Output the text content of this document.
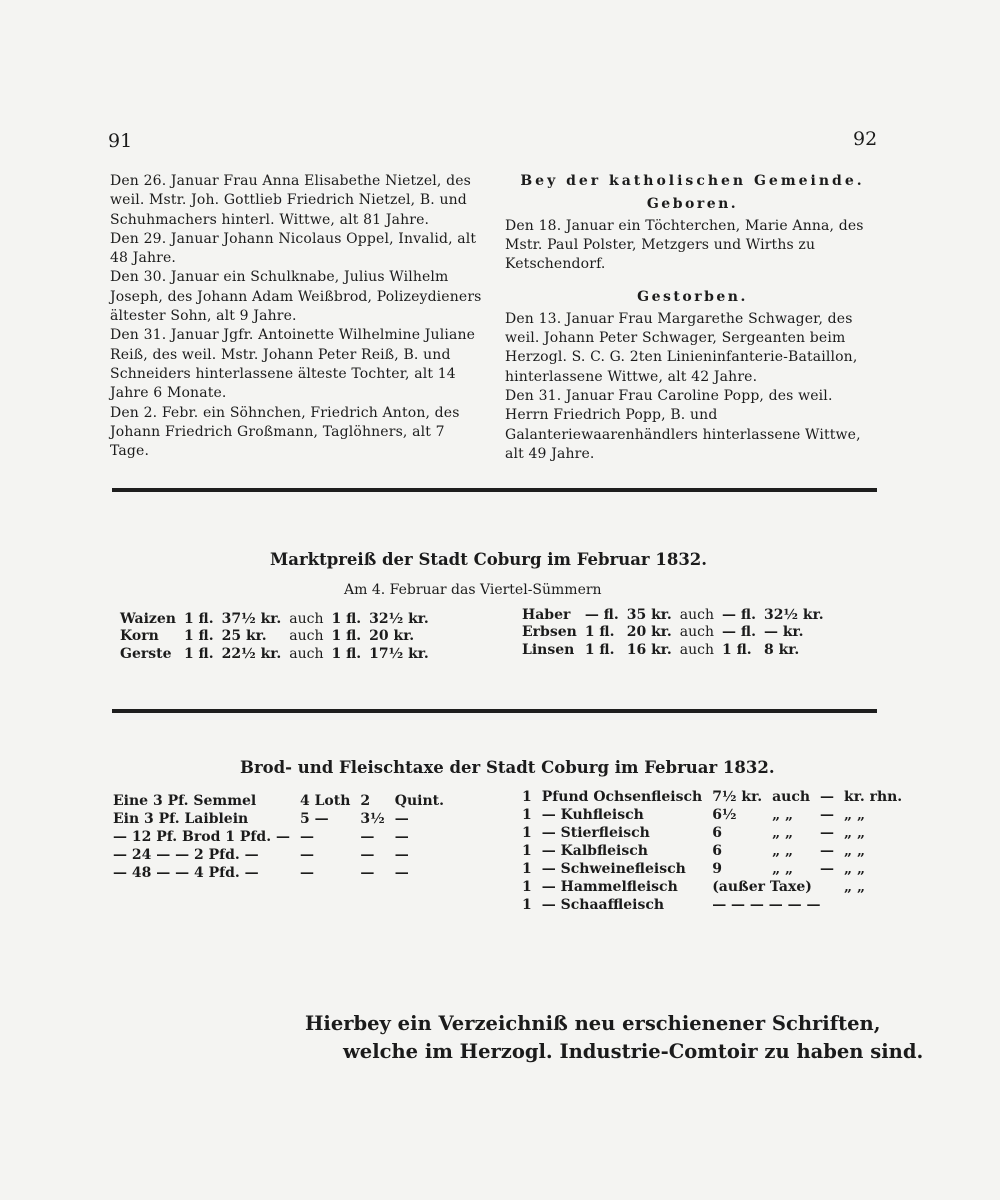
91	92

Den 26. Januar Frau Anna Elisabethe Nietzel, des weil. Mstr. Joh. Gottlieb Friedrich Nietzel, B. und Schuhmachers hinterl. Wittwe, alt 81 Jahre.

Den 29. Januar Johann Nicolaus Oppel, Invalid, alt 48 Jahre.

Den 30. Januar ein Schulknabe, Julius Wilhelm Joseph, des Johann Adam Weißbrod, Polizeydieners ältester Sohn, alt 9 Jahre.

Den 31. Januar Jgfr. Antoinette Wilhelmine Juliane Reiß, des weil. Mstr. Johann Peter Reiß, B. und Schneiders hinterlassene älteste Tochter, alt 14 Jahre 6 Monate.

Den 2. Febr. ein Söhnchen, Friedrich Anton, des Johann Friedrich Großmann, Taglöhners, alt 7 Tage.

Bey der katholischen Gemeinde.

Geboren.

Den 18. Januar ein Töchterchen, Marie Anna, des Mstr. Paul Polster, Metzgers und Wirths zu Ketschendorf.

Gestorben.

Den 13. Januar Frau Margarethe Schwager, des weil. Johann Peter Schwager, Sergeanten beim Herzogl. S. C. G. 2ten Linieninfanterie-Bataillon, hinterlassene Wittwe, alt 42 Jahre.

Den 31. Januar Frau Caroline Popp, des weil. Herrn Friedrich Popp, B. und Galanteriewaarenhändlers hinterlassene Wittwe, alt 49 Jahre.

Marktpreiß der Stadt Coburg im Februar 1832.
Am 4. Februar das Viertel-Sümmern
Waizen	1 fl.	37½ kr.	auch	1 fl.	32½ kr.
Korn	1 fl.	25 kr.	auch	1 fl.	20 kr.
Gerste	1 fl.	22½ kr.	auch	1 fl.	17½ kr.
Haber	— fl.	35 kr.	auch	— fl.	32½ kr.
Erbsen	1 fl.	20 kr.	auch	— fl.	— kr.
Linsen	1 fl.	16 kr.	auch	1 fl.	8 kr.
Brod- und Fleischtaxe der Stadt Coburg im Februar 1832.
Eine 3 Pf. Semmel	4 Loth	2	Quint.
Ein 3 Pf. Laiblein	5 —	3½	—
— 12 Pf. Brod 1 Pfd. —	—	—	—
— 24 — — 2 Pfd. —	—	—	—
— 48 — — 4 Pfd. —	—	—	—
1	Pfund Ochsenfleisch	7½ kr.	auch	—	kr. rhn.
1	— Kuhfleisch	6½	„ „	—	„ „
1	— Stierfleisch	6	„ „	—	„ „
1	— Kalbfleisch	6	„ „	—	„ „
1	— Schweinefleisch	9	„ „	—	„ „
1	— Hammelfleisch	(außer Taxe)			„ „
1	— Schaaffleisch	— — — — — —			
Hierbey ein Verzeichniß neu erschienener Schriften,
welche im Herzogl. Industrie-Comtoir zu haben sind.
